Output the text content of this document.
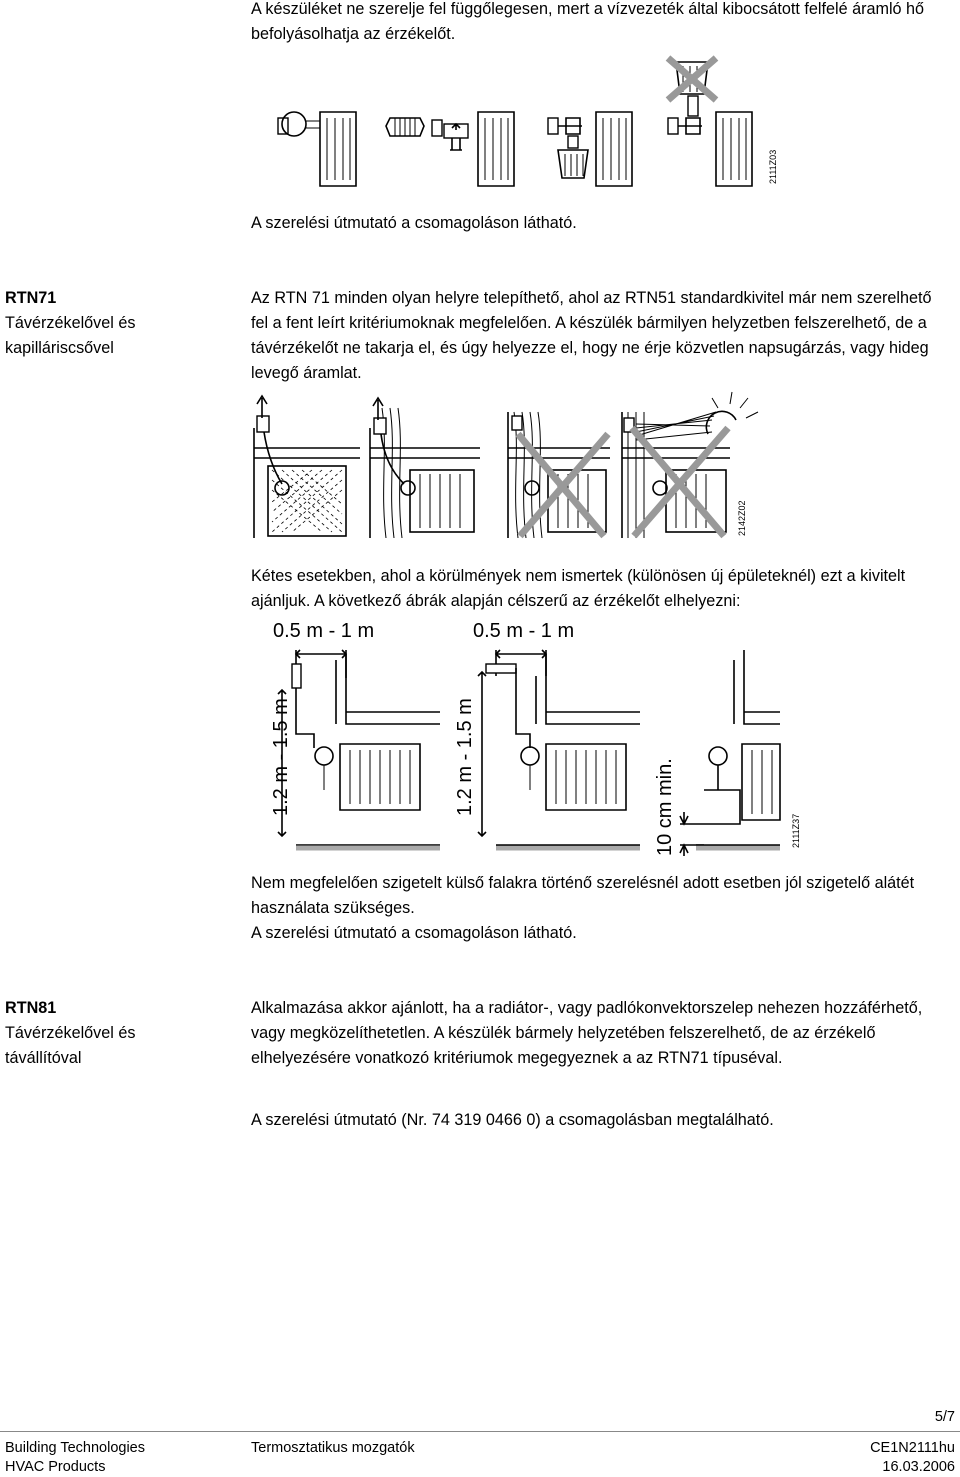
A készüléket ne szerelje fel függőlegesen, mert a vízvezeték által kibocsátott felfelé áramló hő befolyásolhatja az érzékelőt.
2111Z03
A szerelési útmutató a csomagoláson látható.
RTN71
Távérzékelővel és
kapilláriscsővel
Az RTN 71 minden olyan helyre telepíthető, ahol az RTN51 standardkivitel már nem szerelhető fel a fent leírt kritériumoknak megfelelően. A készülék bármilyen helyzetben felszerelhető, de a távérzékelőt ne takarja el, és úgy helyezze el, hogy ne érje közvetlen napsugárzás, vagy hideg levegő áramlat.
2142Z02
Kétes esetekben, ahol a körülmények nem ismertek (különösen új épületeknél) ezt a kivitelt ajánljuk. A következő ábrák alapján célszerű az érzékelőt elhelyezni:
0.5 m - 1 m	0.5 m - 1 m
2111Z37
1.2 m - 1.5 m	1.2 m - 1.5 m	10 cm min.
Nem megfelelően szigetelt külső falakra történő szerelésnél adott esetben jól szigetelő alátét használata szükséges.
A szerelési útmutató a csomagoláson látható.
RTN81
Távérzékelővel és
távállítóval
Alkalmazása akkor ajánlott, ha a radiátor-, vagy padlókonvektorszelep nehezen hozzáférhető, vagy megközelíthetetlen. A készülék bármely helyzetében felszerelhető, de az érzékelő elhelyezésére vonatkozó kritériumok megegyeznek a az RTN71 típuséval.
A szerelési útmutató (Nr. 74 319 0466 0) a csomagolásban megtalálható.
5/7
Building Technologies
HVAC Products
Termosztatikus mozgatók	CE1N2111hu
16.03.2006
